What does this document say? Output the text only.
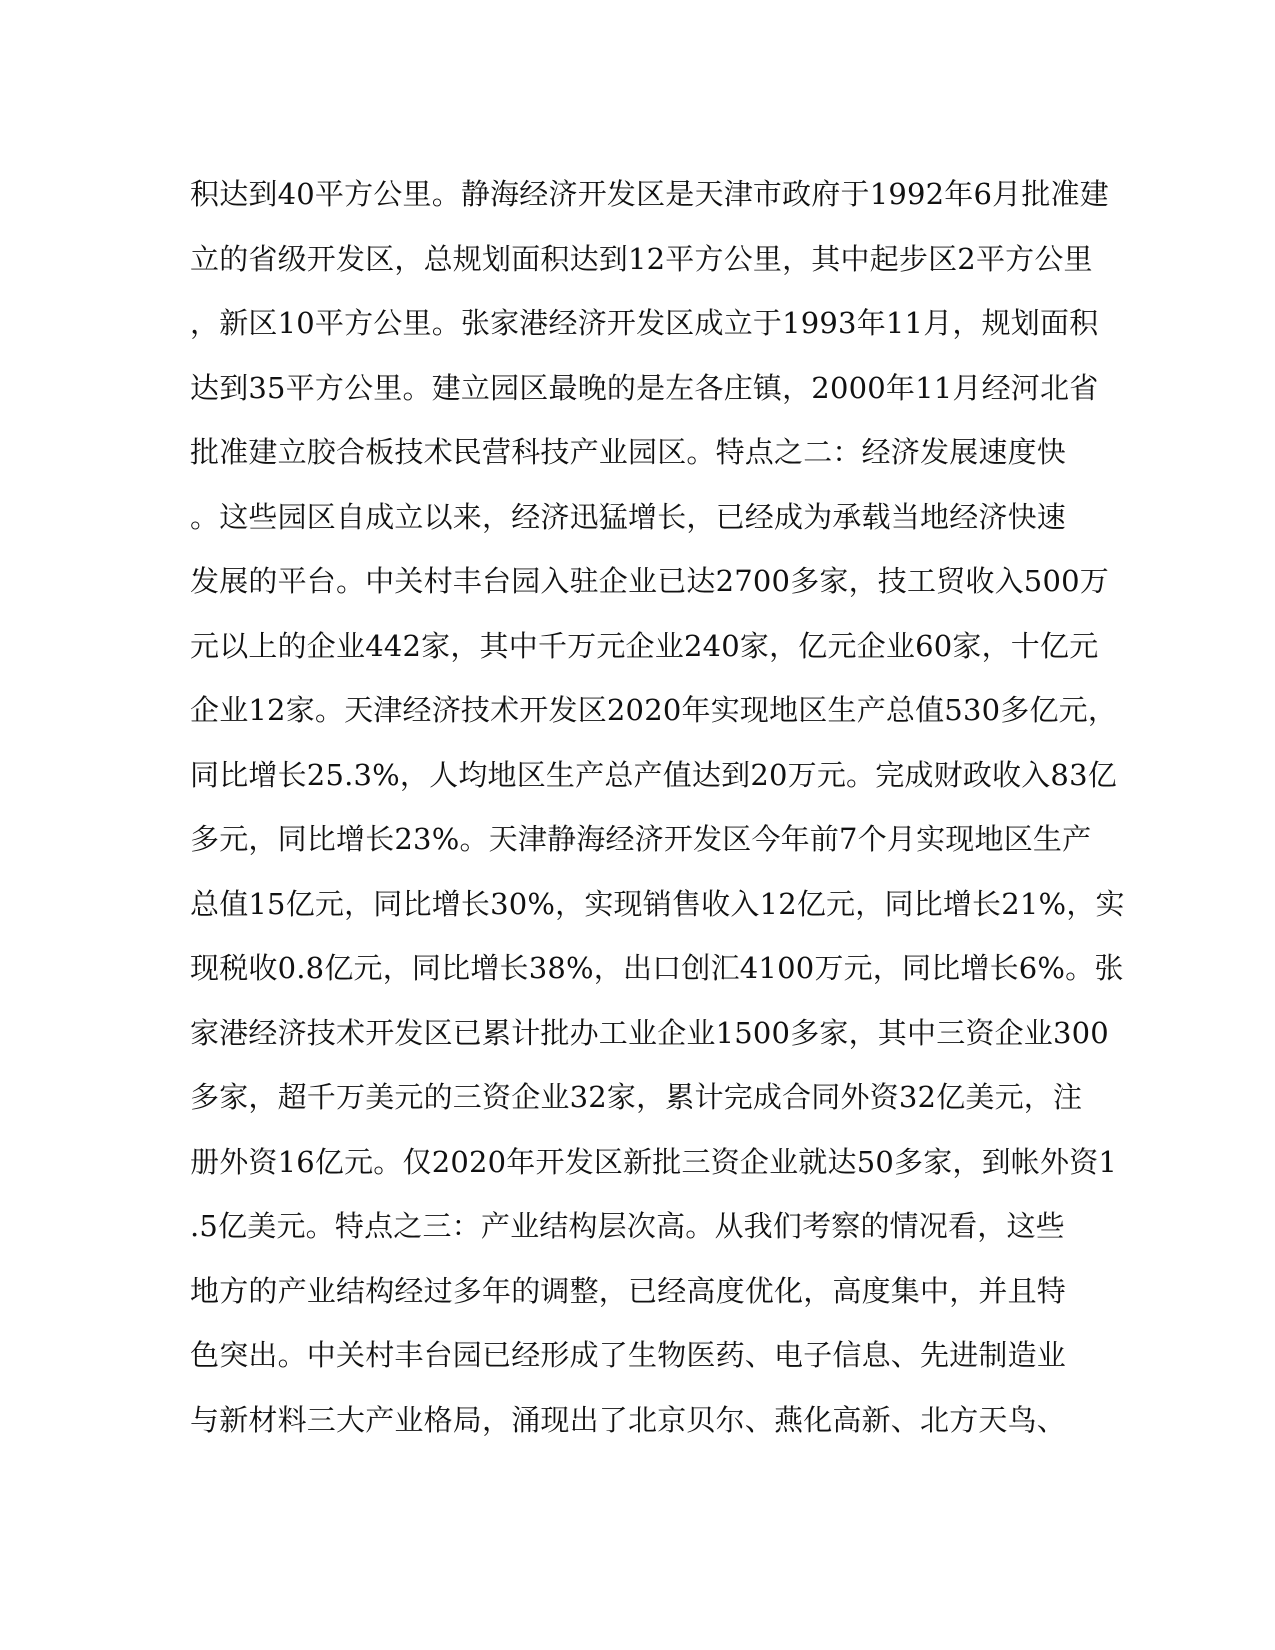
积达到40平方公里。静海经济开发区是天津市政府于1992年6月批准建
立的省级开发区，总规划面积达到12平方公里，其中起步区2平方公里
，新区10平方公里。张家港经济开发区成立于1993年11月，规划面积
达到35平方公里。建立园区最晚的是左各庄镇，2000年11月经河北省
批准建立胶合板技术民营科技产业园区。特点之二：经济发展速度快
。这些园区自成立以来，经济迅猛增长，已经成为承载当地经济快速
发展的平台。中关村丰台园入驻企业已达2700多家，技工贸收入500万
元以上的企业442家，其中千万元企业240家，亿元企业60家，十亿元
企业12家。天津经济技术开发区2020年实现地区生产总值530多亿元，
同比增长25.3%，人均地区生产总产值达到20万元。完成财政收入83亿
多元，同比增长23%。天津静海经济开发区今年前7个月实现地区生产
总值15亿元，同比增长30%，实现销售收入12亿元，同比增长21%，实
现税收0.8亿元，同比增长38%，出口创汇4100万元，同比增长6%。张
家港经济技术开发区已累计批办工业企业1500多家，其中三资企业300
多家，超千万美元的三资企业32家，累计完成合同外资32亿美元，注
册外资16亿元。仅2020年开发区新批三资企业就达50多家，到帐外资1
.5亿美元。特点之三：产业结构层次高。从我们考察的情况看，这些
地方的产业结构经过多年的调整，已经高度优化，高度集中，并且特
色突出。中关村丰台园已经形成了生物医药、电子信息、先进制造业
与新材料三大产业格局，涌现出了北京贝尔、燕化高新、北方天鸟、
